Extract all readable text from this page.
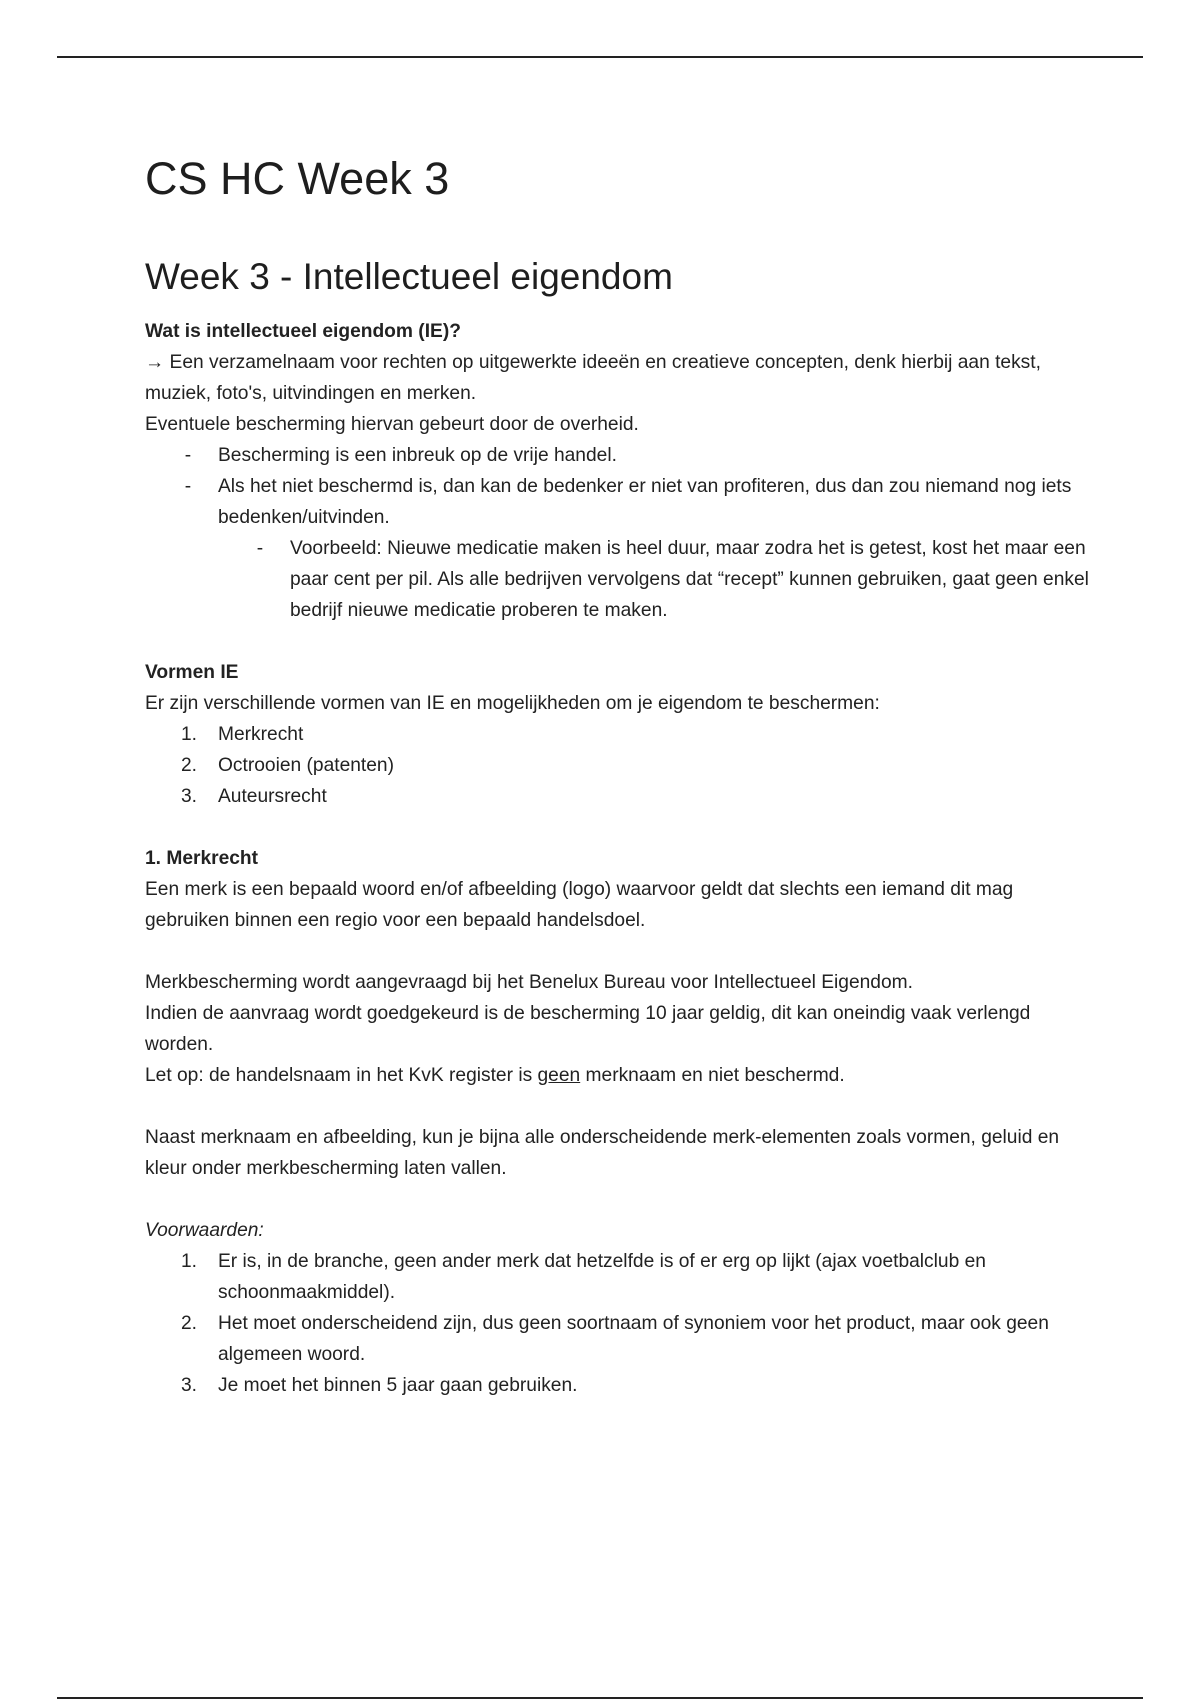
CS HC Week 3
Week 3 - Intellectueel eigendom

Wat is intellectueel eigendom (IE)?

→ Een verzamelnaam voor rechten op uitgewerkte ideeën en creatieve concepten, denk hierbij aan tekst, muziek, foto's, uitvindingen en merken.

Eventuele bescherming hiervan gebeurt door de overheid.

- Bescherming is een inbreuk op de vrije handel.
- Als het niet beschermd is, dan kan de bedenker er niet van profiteren, dus dan zou niemand nog iets bedenken/uitvinden.
- Voorbeeld: Nieuwe medicatie maken is heel duur, maar zodra het is getest, kost het maar een paar cent per pil. Als alle bedrijven vervolgens dat “recept” kunnen gebruiken, gaat geen enkel bedrijf nieuwe medicatie proberen te maken.

Vormen IE

Er zijn verschillende vormen van IE en mogelijkheden om je eigendom te beschermen:

1. Merkrecht
2. Octrooien (patenten)
3. Auteursrecht

1. Merkrecht

Een merk is een bepaald woord en/of afbeelding (logo) waarvoor geldt dat slechts een iemand dit mag gebruiken binnen een regio voor een bepaald handelsdoel.

Merkbescherming wordt aangevraagd bij het Benelux Bureau voor Intellectueel Eigendom.

Indien de aanvraag wordt goedgekeurd is de bescherming 10 jaar geldig, dit kan oneindig vaak verlengd worden.

Let op: de handelsnaam in het KvK register is geen merknaam en niet beschermd.

Naast merknaam en afbeelding, kun je bijna alle onderscheidende merk-elementen zoals vormen, geluid en kleur onder merkbescherming laten vallen.

Voorwaarden:

1. Er is, in de branche, geen ander merk dat hetzelfde is of er erg op lijkt (ajax voetbalclub en schoonmaakmiddel).
2. Het moet onderscheidend zijn, dus geen soortnaam of synoniem voor het product, maar ook geen algemeen woord.
3. Je moet het binnen 5 jaar gaan gebruiken.
